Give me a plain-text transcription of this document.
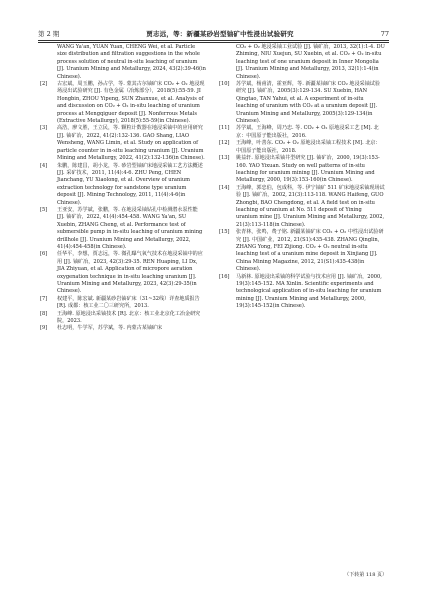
第 2 期	贾志远，等：新疆某砂岩型铀矿中性浸出试验研究	77
WANG Ya'an, YUAN Yuan, CHENG Wei, et al. Particle size distribution and filtration suggestions in the whole process solution of neutral in-situ leaching of uranium [J]. Uranium Mining and Metallurgy, 2024, 43(2):39-46(in Chinese).
[2]	古宏斌，周玉鹏，孙占学，等. 蒙其古尔铀矿床 CO₂ + O₂ 地浸现场浸出试验研究 [J]. 有色金属（冶炼部分），2018(5):55-59. JI Hongbin, ZHOU Yipeng, SUN Zhanxue, et al. Analysis of and discussion on CO₂ + O₂ in-situ leaching of uranium process at Mengqiguer deposit [J]. Nonferrous Metals (Extractive Metallurgy), 2018(5):55-59(in Chinese).
[3]	高浩，廖文胜，王立民，等. 颗粒计数器在地浸采铀中的应用研究 [J]. 铀矿冶，2022, 41(2):132-136. GAO Shang, LIAO Wensheng, WANG Limin, et al. Study on application of particle counter in in-situ leaching uranium [J]. Uranium Mining and Metallurgy, 2022, 41(2):132-136(in Chinese).
[4]	朱鹏，陈建昌，胡小龙，等. 砂岩型铀矿床地浸采铀工艺方法概述 [J]. 采矿技术，2011, 11(4):4-6. ZHU Peng, CHEN Jianchang, YU Xiaolong, et al. Overview of uranium extraction technology for sandstone type uranium deposit [J]. Mining Technology, 2011, 11(4):4-6(in Chinese).
[5]	王亚安，苏学斌，张鹏，等. 在地浸采铀钻孔中检测潜水泵性能 [J]. 铀矿冶，2022, 41(4):454-458. WANG Ya'an, SU Xuebin, ZHANG Cheng, et al. Performance test of submersible pump in in-situ leaching of uranium mining drillhole [J]. Uranium Mining and Metallurgy, 2022, 41(4):454-458(in Chinese).
[6]	任华平，李想，贾志远，等. 微孔曝气氧气技术在地浸采铀中的应用 [J]. 铀矿冶，2023, 42(3):29-35. REN Huaping, LI Dx, JIA Zhiyuan, et al. Application of micropore aeration oxygenation technique in in-situ leaching uranium [J]. Uranium Mining and Metallurgy, 2023, 42(3):29-35(in Chinese).
[7]	权建平，陈宏斌. 新疆某砂岩铀矿床（31~32线）详查地质报告 [R]. 成都：核工业二〇三研究所，2013.
[8]	王海峰. 原地浸出采铀技术 [R]. 北京：核工业北京化工冶金研究院，2023.
[9]	杜志明，牛学军，苏学斌，等. 内蒙古某铀矿床
CO₂ + O₂ 地浸采铀工业试验 [J]. 铀矿冶，2013, 32(1):1-4. DU Zhiming, NIU Xuejun, SU Xuebin, et al. CO₂ + O₂ in-situ leaching test of one uranium deposit in Inner Mongolia [J]. Uranium Mining and Metallurgy, 2013, 32(1):1-4(in Chinese).
[10]	苏学斌，杨甫清，霍亚辉，等. 新疆某铀矿床 CO₂ 地浸采铀试验研究 [J]. 铀矿冶，2005(3):129-134. SU Xuebin, HAN Qingtao, TAN Yahui, et al. A experiment of in-situ leaching of uranium with CO₂ at a uranium deposit [J]. Uranium Mining and Metallurgy, 2005(3):129-134(in Chinese).
[11]	苏学斌，王海峰，周乃忠. 等. CO₂ + O₂ 原地浸采工艺 [M]. 北京：中国原子能出版社，2016.
[12]	王海峰，叶善东. CO₂ + O₂ 原地浸出采铀工程技术 [M]. 北京：中国原子能出版社，2018.
[13]	姚益轩. 原地浸出采铀井型研究 [J]. 铀矿冶，2000, 19(3):153-160. YAO Yixuan. Study on well patterns of in-situ leaching for uranium mining [J]. Uranium Mining and Metallurgy, 2000, 19(3):153-160(in Chinese).
[14]	王海峰，郭忠伯，包成科，等. 伊宁铀矿 511 矿床地浸采铀现场试验 [J]. 铀矿冶，2002, 21(3):113-118. WANG Haifeng, GUO Zhongbi, BAO Chengdong, et al. A field test on in-situ leaching of uranium at No. 511 deposit of Yining uranium mine [J]. Uranium Mining and Metallurgy, 2002, 21(3):113-118(in Chinese).
[15]	张青林，张鸣，费子铭. 新疆某铀矿床 CO₂ + O₂ 中性浸出试验研究 [J]. 中国矿业，2012, 21(S1):435-438. ZHANG Qinglin, ZHANG Yong, FEI Zijiong. CO₂ + O₂ neutral in-situ leaching test of a uranium mine deposit in Xinjiang [J]. China Mining Magazine, 2012, 21(S1):435-438(in Chinese).
[16]	马新林. 原地浸出采铀的科学试验与技术应用 [J]. 铀矿冶，2000, 19(3):145-152. MA Xinlin. Scientific experiments and technological application of in-situ leaching for uranium mining [J]. Uranium Mining and Metallurgy, 2000, 19(3):145-152(in Chinese).
（下转第 118 页）
